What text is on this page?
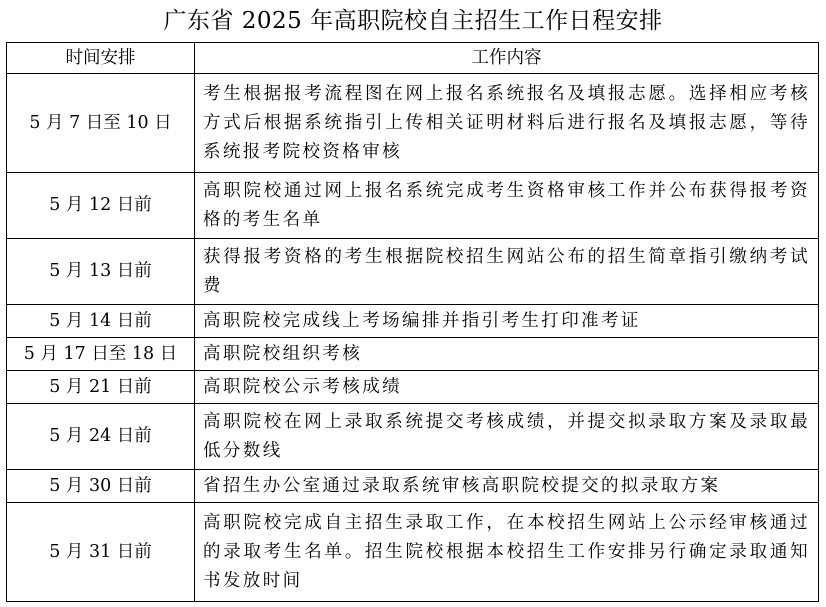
广东省 2025 年高职院校自主招生工作日程安排
时间安排	工作内容
5 月 7 日至 10 日	考生根据报考流程图在网上报名系统报名及填报志愿。选择相应考核方式后根据系统指引上传相关证明材料后进行报名及填报志愿，等待系统报考院校资格审核
5 月 12 日前	高职院校通过网上报名系统完成考生资格审核工作并公布获得报考资格的考生名单
5 月 13 日前	获得报考资格的考生根据院校招生网站公布的招生简章指引缴纳考试费
5 月 14 日前	高职院校完成线上考场编排并指引考生打印准考证
5 月 17 日至 18 日	高职院校组织考核
5 月 21 日前	高职院校公示考核成绩
5 月 24 日前	高职院校在网上录取系统提交考核成绩，并提交拟录取方案及录取最低分数线
5 月 30 日前	省招生办公室通过录取系统审核高职院校提交的拟录取方案
5 月 31 日前	高职院校完成自主招生录取工作，在本校招生网站上公示经审核通过的录取考生名单。招生院校根据本校招生工作安排另行确定录取通知书发放时间
